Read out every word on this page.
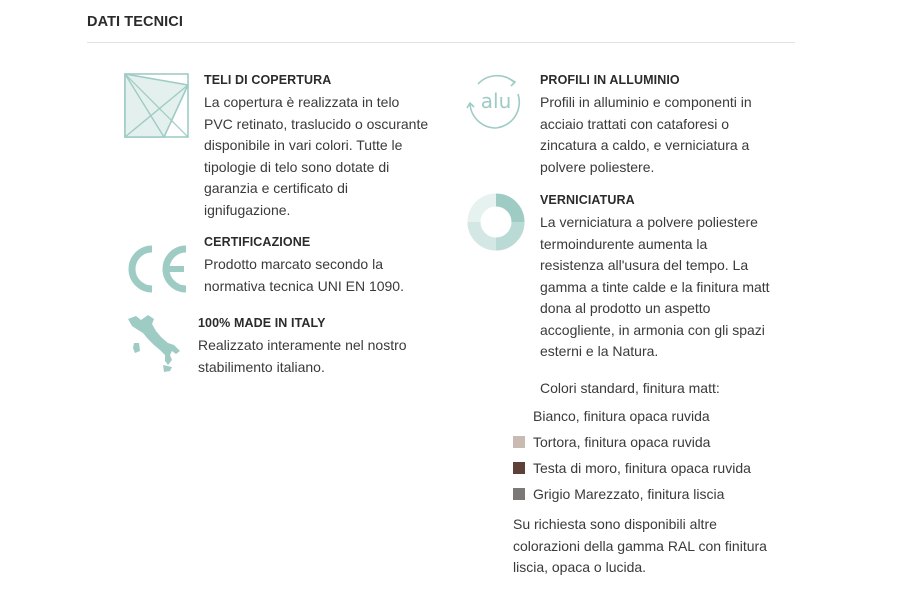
DATI TECNICI
TELI DI COPERTURA

La copertura è realizzata in telo
PVC retinato, traslucido o oscurante
disponibile in vari colori. Tutte le
tipologie di telo sono dotate di
garanzia e certificato di
ignifugazione.

CERTIFICAZIONE

Prodotto marcato secondo la
normativa tecnica UNI EN 1090.

100% MADE IN ITALY

Realizzato interamente nel nostro
stabilimento italiano.

alu
PROFILI IN ALLUMINIO

Profili in alluminio e componenti in
acciaio trattati con cataforesi o
zincatura a caldo, e verniciatura a
polvere poliestere.

VERNICIATURA

La verniciatura a polvere poliestere
termoindurente aumenta la
resistenza all'usura del tempo. La
gamma a tinte calde e la finitura matt
dona al prodotto un aspetto
accogliente, in armonia con gli spazi
esterni e la Natura.

Colori standard, finitura matt:
Bianco, finitura opaca ruvida
Tortora, finitura opaca ruvida
Testa di moro, finitura opaca ruvida
Grigio Marezzato, finitura liscia

Su richiesta sono disponibili altre
colorazioni della gamma RAL con finitura
liscia, opaca o lucida.
